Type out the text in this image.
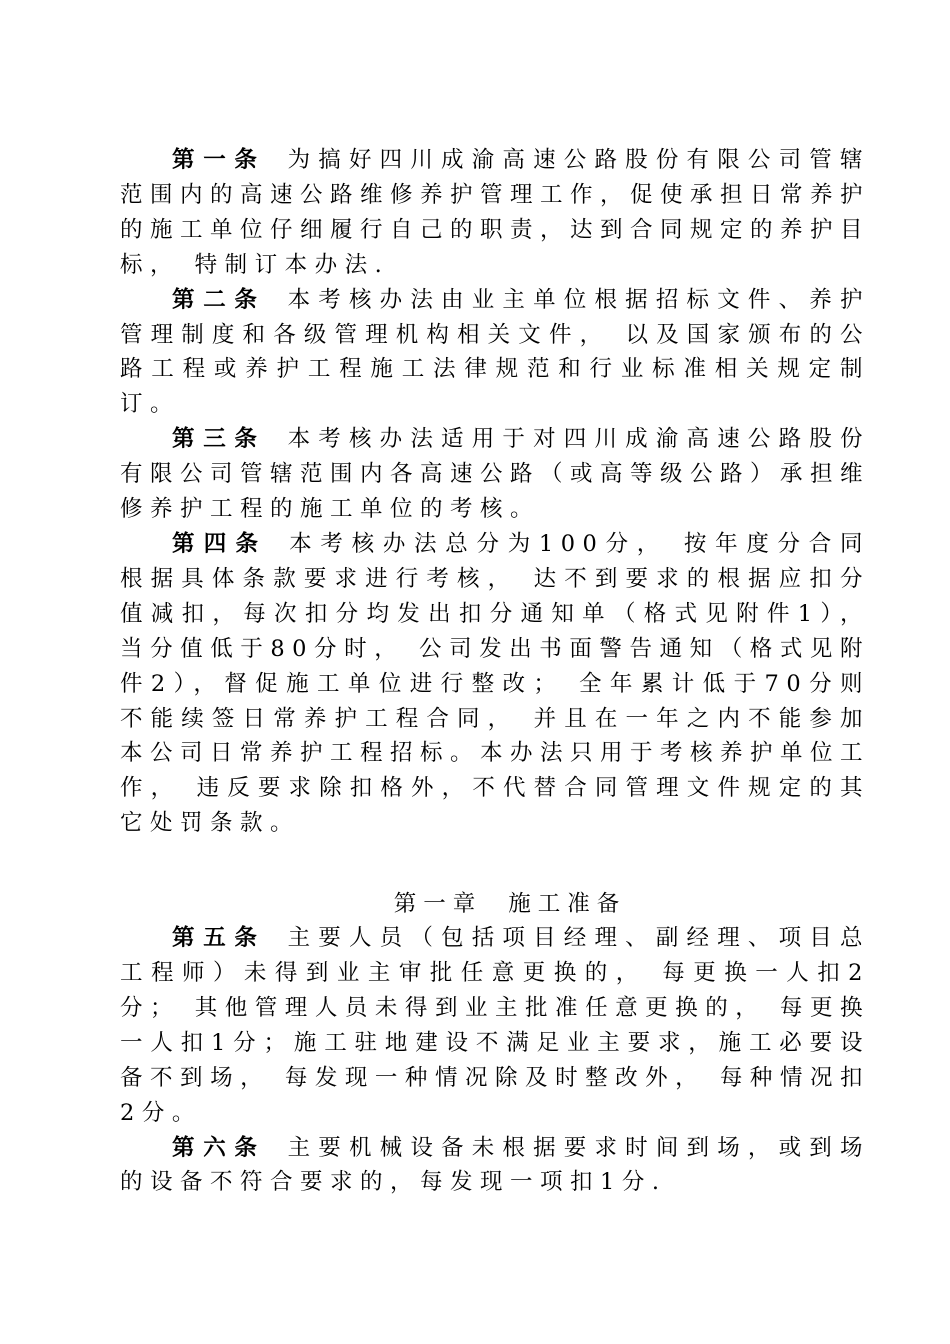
第一条 为搞好四川成渝高速公路股份有限公司管辖范围内的高速公路维修养护管理工作，促使承担日常养护的施工单位仔细履行自己的职责，达到合同规定的养护目标， 特制订本办法.

第二条 本考核办法由业主单位根据招标文件、养护管理制度和各级管理机构相关文件， 以及国家颁布的公路工程或养护工程施工法律规范和行业标准相关规定制订。

第三条 本考核办法适用于对四川成渝高速公路股份有限公司管辖范围内各高速公路（或高等级公路）承担维修养护工程的施工单位的考核。

第四条 本考核办法总分为100分， 按年度分合同根据具体条款要求进行考核， 达不到要求的根据应扣分值减扣，每次扣分均发出扣分通知单（格式见附件1）， 当分值低于80分时， 公司发出书面警告通知（格式见附件2），督促施工单位进行整改； 全年累计低于70分则不能续签日常养护工程合同， 并且在一年之内不能参加本公司日常养护工程招标。本办法只用于考核养护单位工作， 违反要求除扣格外，不代替合同管理文件规定的其它处罚条款。

第一章 施工准备

第五条 主要人员（包括项目经理、副经理、项目总工程师）未得到业主审批任意更换的， 每更换一人扣2分； 其他管理人员未得到业主批准任意更换的， 每更换一人扣1分；施工驻地建设不满足业主要求，施工必要设备不到场， 每发现一种情况除及时整改外， 每种情况扣2分。

第六条 主要机械设备未根据要求时间到场，或到场的设备不符合要求的，每发现一项扣1分.
